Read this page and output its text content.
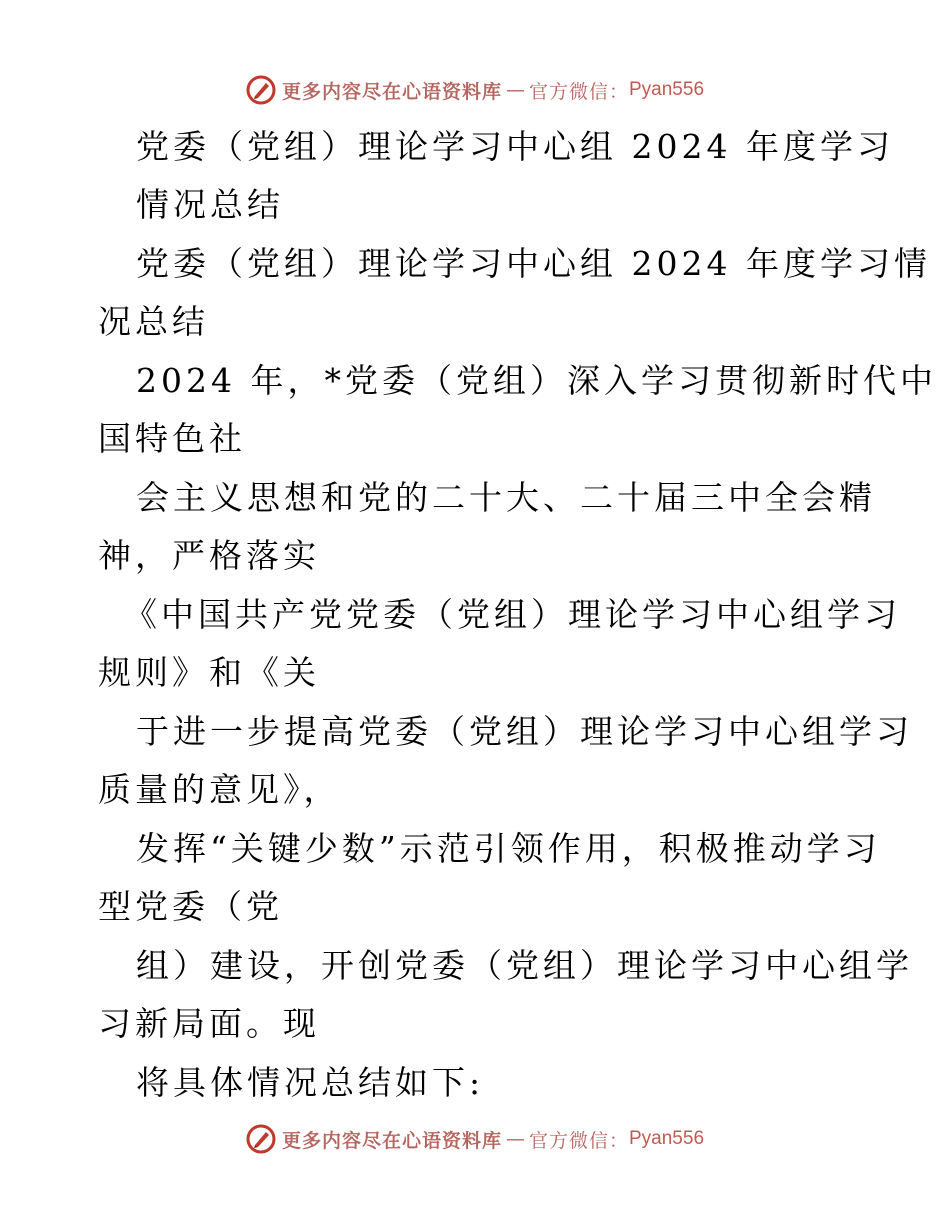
更多内容尽在心语资料库 — 官方微信： Pyan556
党委（党组）理论学习中心组 2024 年度学习
情况总结
党委（党组）理论学习中心组 2024 年度学习情
况总结
2024 年，*党委（党组）深入学习贯彻新时代中
国特色社
会主义思想和党的二十大、二十届三中全会精
神，严格落实
《中国共产党党委（党组）理论学习中心组学习
规则》和《关
于进一步提高党委（党组）理论学习中心组学习
质量的意见》，
发挥“关键少数”示范引领作用，积极推动学习
型党委（党
组）建设，开创党委（党组）理论学习中心组学
习新局面。现
将具体情况总结如下:
更多内容尽在心语资料库 — 官方微信： Pyan556
